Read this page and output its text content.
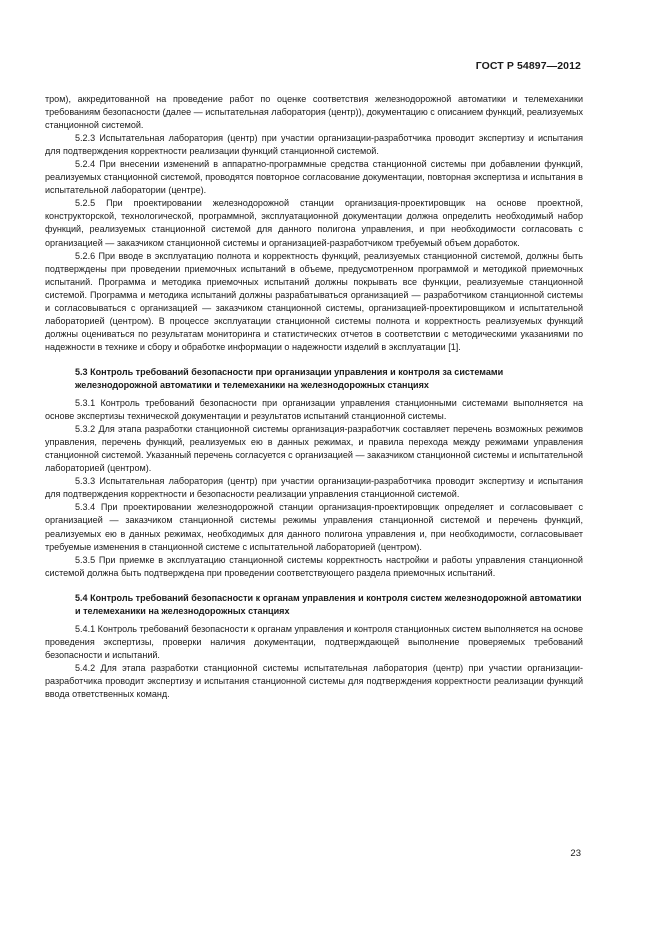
ГОСТ Р 54897—2012

тром), аккредитованной на проведение работ по оценке соответствия железнодорожной автоматики и телемеханики требованиям безопасности (далее — испытательная лаборатория (центр)), документацию с описанием функций, реализуемых станционной системой.

5.2.3 Испытательная лаборатория (центр) при участии организации-разработчика проводит экспертизу и испытания для подтверждения корректности реализации функций станционной системой.

5.2.4 При внесении изменений в аппаратно-программные средства станционной системы при добавлении функций, реализуемых станционной системой, проводятся повторное согласование документации, повторная экспертиза и испытания в испытательной лаборатории (центре).

5.2.5 При проектировании железнодорожной станции организация-проектировщик на основе проектной, конструкторской, технологической, программной, эксплуатационной документации должна определить необходимый набор функций, реализуемых станционной системой для данного полигона управления, и при необходимости согласовать с организацией — заказчиком станционной системы и организацией-разработчиком требуемый объем доработок.

5.2.6 При вводе в эксплуатацию полнота и корректность функций, реализуемых станционной системой, должны быть подтверждены при проведении приемочных испытаний в объеме, предусмотренном программой и методикой приемочных испытаний. Программа и методика приемочных испытаний должны покрывать все функции, реализуемые станционной системой. Программа и методика испытаний должны разрабатываться организацией — разработчиком станционной системы и согласовываться с организацией — заказчиком станционной системы, организацией-проектировщиком и испытательной лабораторией (центром). В процессе эксплуатации станционной системы полнота и корректность реализуемых функций должны оцениваться по результатам мониторинга и статистических отчетов в соответствии с методическими указаниями по надежности в технике и сбору и обработке информации о надежности изделий в эксплуатации [1].

5.3 Контроль требований безопасности при организации управления и контроля за системами железнодорожной автоматики и телемеханики на железнодорожных станциях

5.3.1 Контроль требований безопасности при организации управления станционными системами выполняется на основе экспертизы технической документации и результатов испытаний станционной системы.

5.3.2 Для этапа разработки станционной системы организация-разработчик составляет перечень возможных режимов управления, перечень функций, реализуемых ею в данных режимах, и правила перехода между режимами управления станционной системой. Указанный перечень согласуется с организацией — заказчиком станционной системы и испытательной лабораторией (центром).

5.3.3 Испытательная лаборатория (центр) при участии организации-разработчика проводит экспертизу и испытания для подтверждения корректности и безопасности реализации управления станционной системой.

5.3.4 При проектировании железнодорожной станции организация-проектировщик определяет и согласовывает с организацией — заказчиком станционной системы режимы управления станционной системой и перечень функций, реализуемых ею в данных режимах, необходимых для данного полигона управления и, при необходимости, согласовывает требуемые изменения в станционной системе с испытательной лабораторией (центром).

5.3.5 При приемке в эксплуатацию станционной системы корректность настройки и работы управления станционной системой должна быть подтверждена при проведении соответствующего раздела приемочных испытаний.

5.4 Контроль требований безопасности к органам управления и контроля систем железнодорожной автоматики и телемеханики на железнодорожных станциях

5.4.1 Контроль требований безопасности к органам управления и контроля станционных систем выполняется на основе проведения экспертизы, проверки наличия документации, подтверждающей выполнение проверяемых требований безопасности и испытаний.

5.4.2 Для этапа разработки станционной системы испытательная лаборатория (центр) при участии организации-разработчика проводит экспертизу и испытания станционной системы для подтверждения корректности реализации функций ввода ответственных команд.

23
